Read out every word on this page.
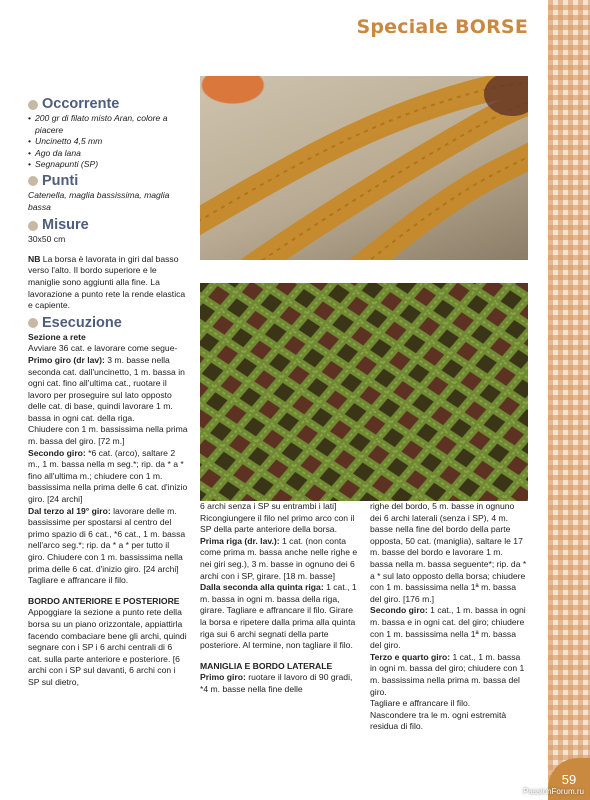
Speciale BORSE
Occorrente
• 200 gr di filato misto Aran, colore a piacere
• Uncinetto 4,5 mm
• Ago da lana
• Segnapunti (SP)
Punti

Catenella, maglia bassissima, maglia bassa

Misure

30x50 cm

NB La borsa è lavorata in giri dal basso verso l'alto. Il bordo superiore e le maniglie sono aggiunti alla fine. La lavorazione a punto rete la rende elastica e capiente.

Esecuzione

Sezione a rete

Avviare 36 cat. e lavorare come segue-

Primo giro (dr lav): 3 m. basse nella seconda cat. dall'uncinetto, 1 m. bassa in ogni cat. fino all'ultima cat., ruotare il lavoro per proseguire sul lato opposto delle cat. di base, quindi lavorare 1 m. bassa in ogni cat. della riga.

Chiudere con 1 m. bassissima nella prima m. bassa del giro. [72 m.]

Secondo giro: *6 cat. (arco), saltare 2 m., 1 m. bassa nella m seg.*; rip. da * a * fino all'ultima m.; chiudere con 1 m. bassissima nella prima delle 6 cat. d'inizio giro. [24 archi]

Dal terzo al 19° giro: lavorare delle m. bassissime per spostarsi al centro del primo spazio di 6 cat., *6 cat., 1 m. bassa nell'arco seg.*; rip. da * a * per tutto il giro. Chiudere con 1 m. bassissima nella prima delle 6 cat. d'inizio giro. [24 archi] Tagliare e affrancare il filo.

BORDO ANTERIORE E POSTERIORE

Appoggiare la sezione a punto rete della borsa su un piano orizzontale, appiattirla facendo combaciare bene gli archi, quindi segnare con i SP i 6 archi centrali di 6 cat. sulla parte anteriore e posteriore. [6 archi con i SP sul davanti, 6 archi con i SP sul dietro,

6 archi senza i SP su entrambi i lati] Ricongiungere il filo nel primo arco con il SP della parte anteriore della borsa.

Prima riga (dr. lav.): 1 cat. (non conta come prima m. bassa anche nelle righe e nei giri seg.), 3 m. basse in ognuno dei 6 archi con i SP, girare. [18 m. basse]

Dalla seconda alla quinta riga: 1 cat., 1 m. bassa in ogni m. bassa della riga, girare. Tagliare e affrancare il filo. Girare la borsa e ripetere dalla prima alla quinta riga sui 6 archi segnati della parte posteriore. Al termine, non tagliare il filo.

MANIGLIA E BORDO LATERALE

Primo giro: ruotare il lavoro di 90 gradi, *4 m. basse nella fine delle

righe del bordo, 5 m. basse in ognuno dei 6 archi laterali (senza i SP), 4 m. basse nella fine del bordo della parte opposta, 50 cat. (maniglia), saltare le 17 m. basse del bordo e lavorare 1 m. bassa nella m. bassa seguente*; rip. da * a * sul lato opposto della borsa; chiudere con 1 m. bassissima nella 1ª m. bassa del giro. [176 m.]

Secondo giro: 1 cat., 1 m. bassa in ogni m. bassa e in ogni cat. del giro; chiudere con 1 m. bassissima nella 1ª m. bassa del giro.

Terzo e quarto giro: 1 cat., 1 m. bassa in ogni m. bassa del giro; chiudere con 1 m. bassissima nella prima m. bassa del giro.

Tagliare e affrancare il filo.

Nascondere tra le m. ogni estremità residua di filo.

59
PassionForum.ru
